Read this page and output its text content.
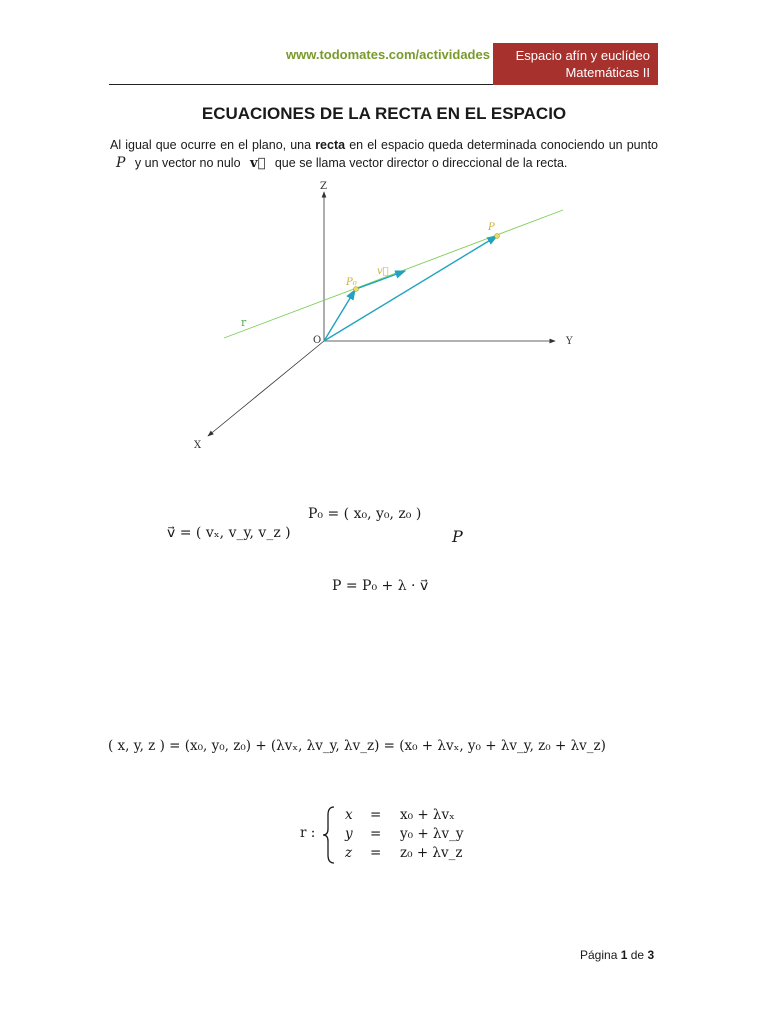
www.todomates.com/actividades	Espacio afín y euclídeo
Matemáticas II
ECUACIONES DE LA RECTA EN EL ESPACIO
Al igual que ocurre en el plano, una recta en el espacio queda determinada conociendo un punto P y un vector no nulo v⃗ que se llama vector director o direccional de la recta.
Z
Y
X
O
r
P₀
P
v⃗
P₀ = ( x₀, y₀, z₀ )
v⃗ = ( vₓ, v_y, v_z )	P
P = P₀ + λ · v⃗
( x, y, z ) = (x₀, y₀, z₀) + (λvₓ, λv_y, λv_z) = (x₀ + λvₓ, y₀ + λv_y, z₀ + λv_z)
r :
x = x₀ + λvₓ
y = y₀ + λv_y
z = z₀ + λv_z
Página 1 de 3
